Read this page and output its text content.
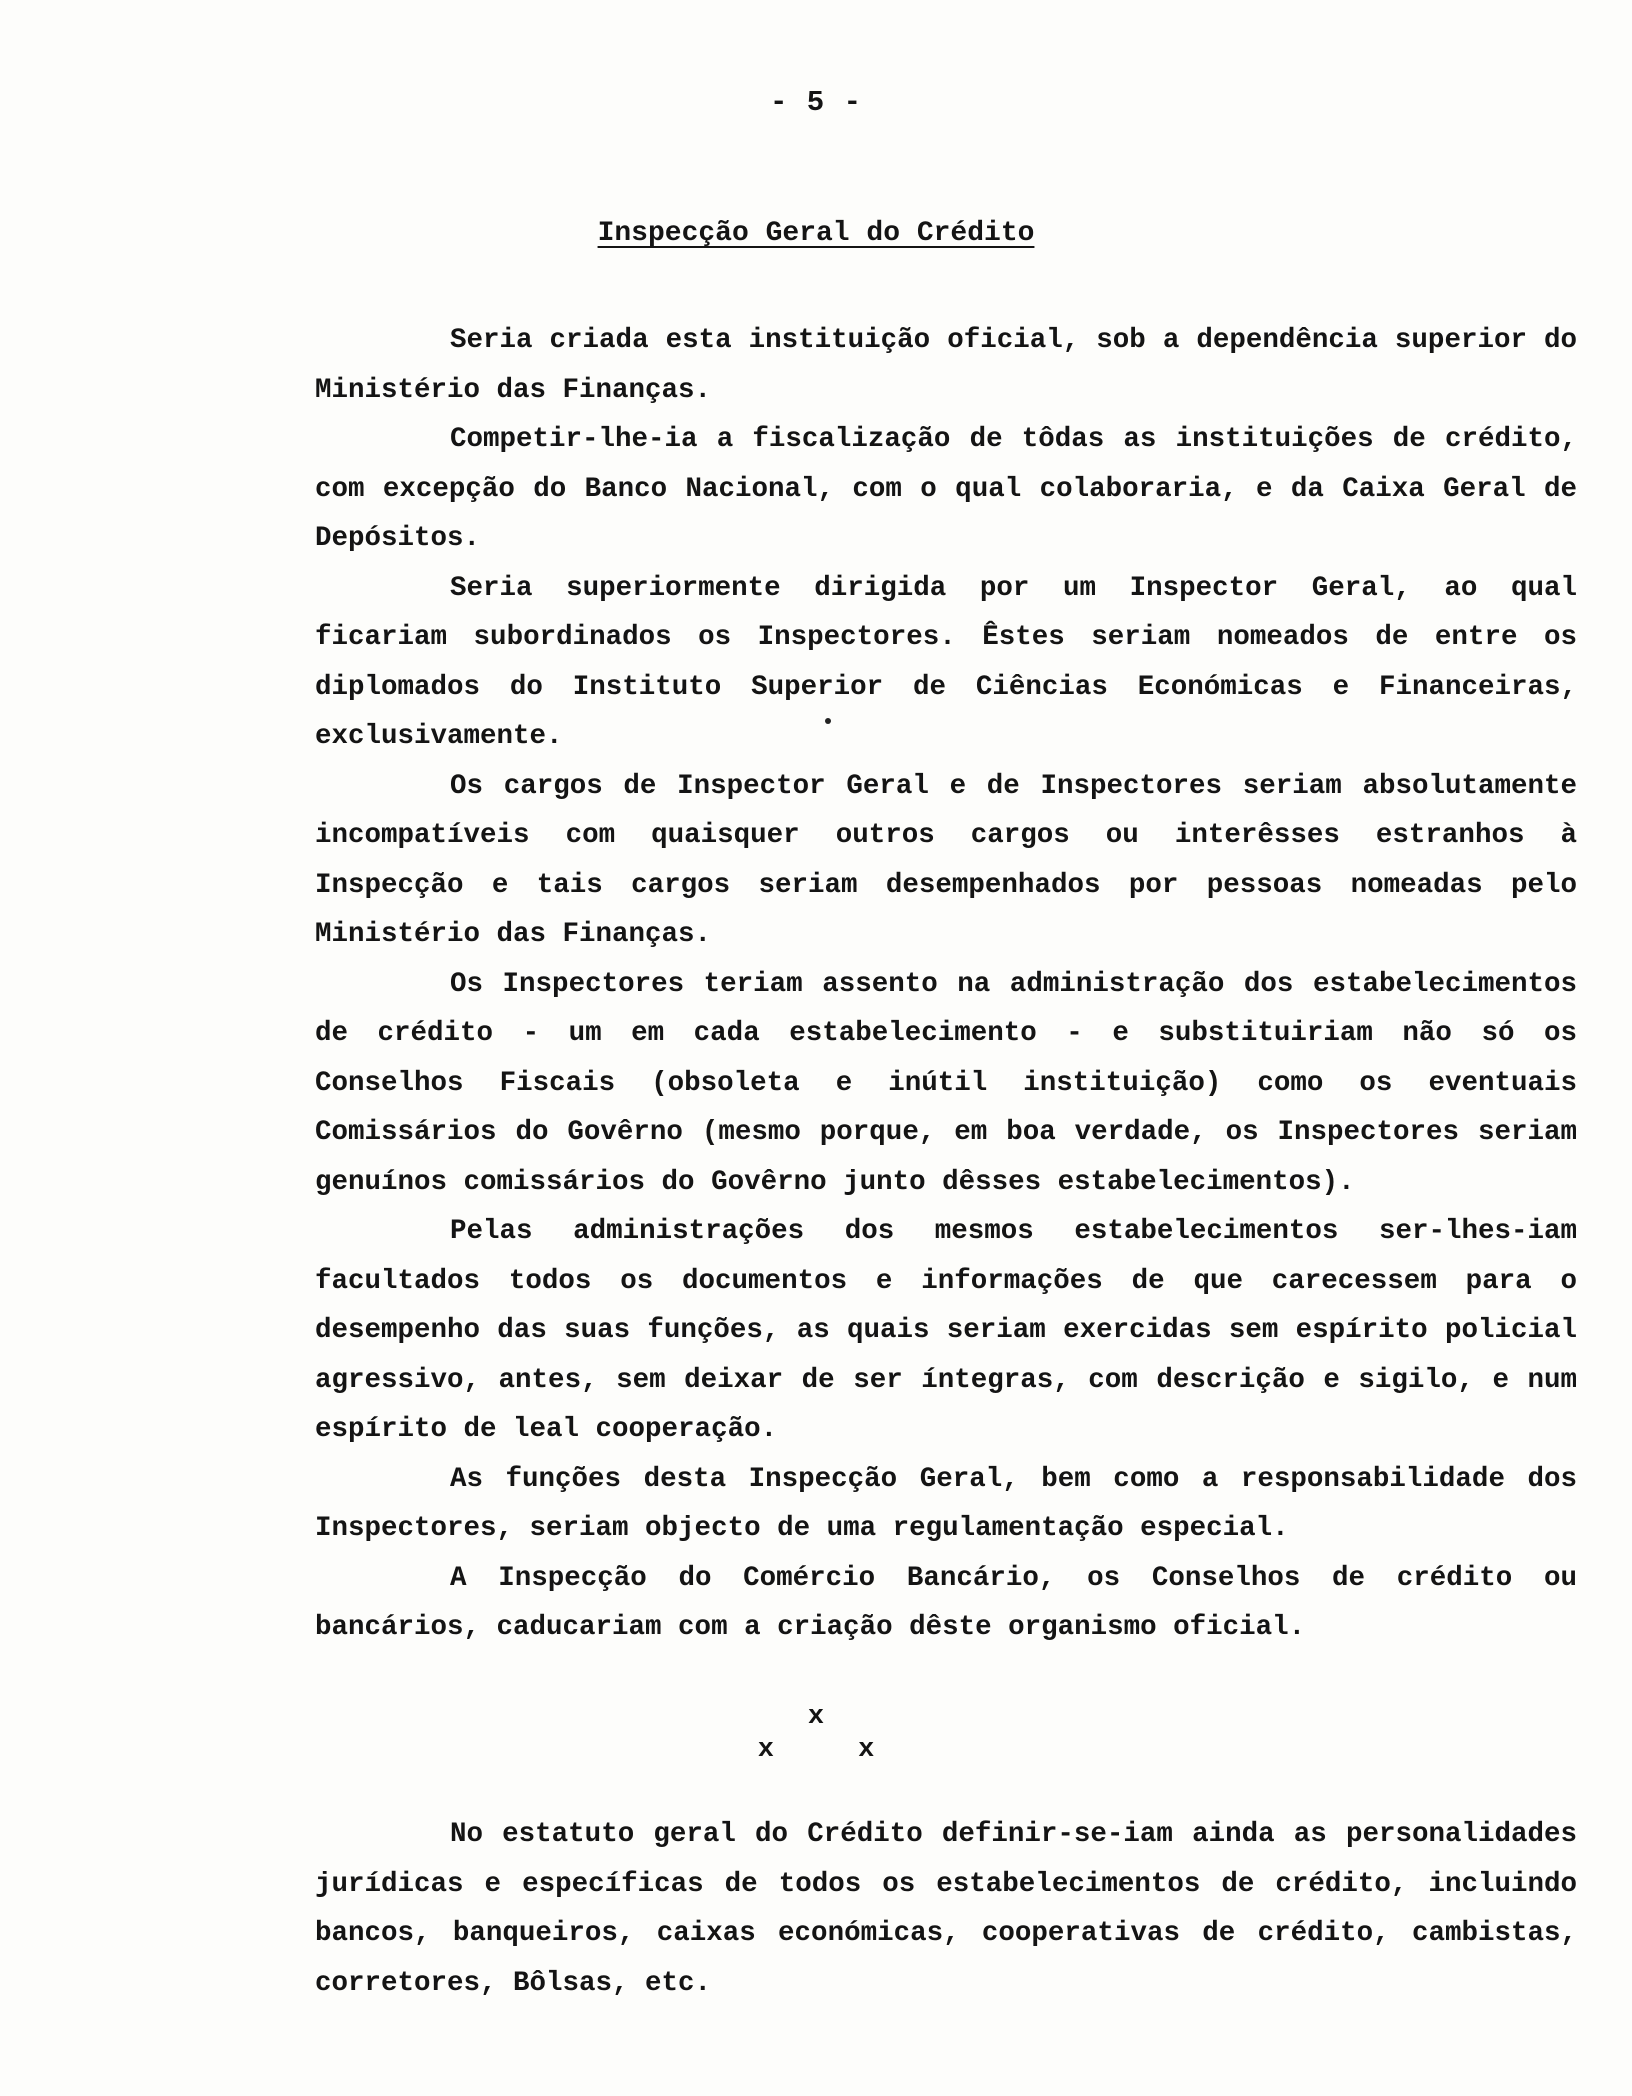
- 5 -
Inspecção Geral do Crédito

Seria criada esta instituição oficial, sob a dependência superior do Ministério das Finanças.

Competir-lhe-ia a fiscalização de tôdas as instituições de crédito, com excepção do Banco Nacional, com o qual colaboraria, e da Caixa Geral de Depósitos.

Seria superiormente dirigida por um Inspector Geral, ao qual ficariam subordinados os Inspectores. Êstes seriam nomeados de entre os diplomados do Instituto Superior de Ciências Económicas e Financeiras, exclusivamente.

Os cargos de Inspector Geral e de Inspectores seriam absolutamente incompatíveis com quaisquer outros cargos ou interêsses estranhos à Inspecção e tais cargos seriam desempenhados por pessoas nomeadas pelo Ministério das Finanças.

Os Inspectores teriam assento na administração dos estabelecimentos de crédito - um em cada estabelecimento - e substituiriam não só os Conselhos Fiscais (obsoleta e inútil instituição) como os eventuais Comissários do Govêrno (mesmo porque, em boa verdade, os Inspectores seriam genuínos comissários do Govêrno junto dêsses estabelecimentos).

Pelas administrações dos mesmos estabelecimentos ser-lhes-iam facultados todos os documentos e informações de que carecessem para o desempenho das suas funções, as quais seriam exercidas sem espírito policial agressivo, antes, sem deixar de ser íntegras, com descrição e sigilo, e num espírito de leal cooperação.

As funções desta Inspecção Geral, bem como a responsabilidade dos Inspectores, seriam objecto de uma regulamentação especial.

A Inspecção do Comércio Bancário, os Conselhos de crédito ou bancários, caducariam com a criação dêste organismo oficial.

x
x x

No estatuto geral do Crédito definir-se-iam ainda as personalidades jurídicas e específicas de todos os estabelecimentos de crédito, incluindo bancos, banqueiros, caixas económicas, cooperativas de crédito, cambistas, corretores, Bôlsas, etc.
